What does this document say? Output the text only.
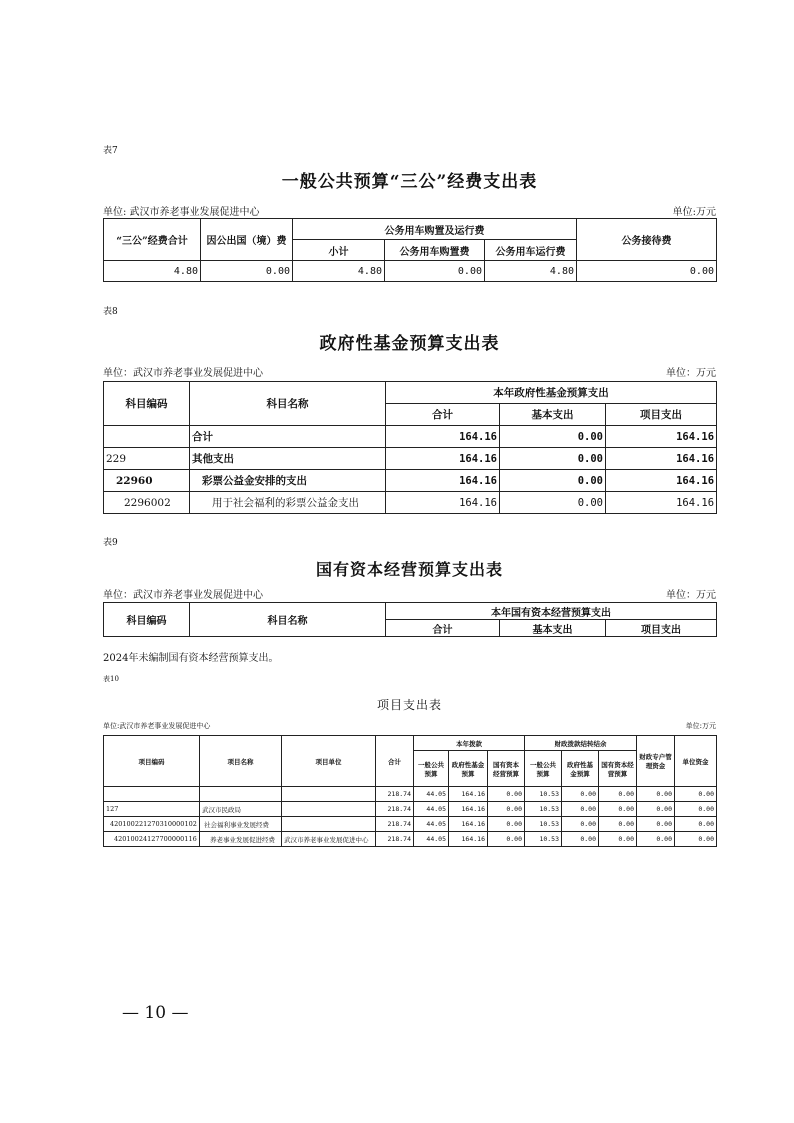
表7
一般公共预算“三公”经费支出表
单位: 武汉市养老事业发展促进中心	单位:万元
“三公”经费合计	因公出国（境）费	公务用车购置及运行费			公务接待费
		小计	公务用车购置费	公务用车运行费	
4.80	0.00	4.80	0.00	4.80	0.00
表8
政府性基金预算支出表
单位：武汉市养老事业发展促进中心	单位：万元
科目编码	科目名称	本年政府性基金预算支出		
		合计	基本支出	项目支出
	合计	164.16	0.00	164.16
229	其他支出	164.16	0.00	164.16
22960	彩票公益金安排的支出	164.16	0.00	164.16
2296002	用于社会福利的彩票公益金支出	164.16	0.00	164.16
表9
国有资本经营预算支出表
单位：武汉市养老事业发展促进中心	单位：万元
科目编码	科目名称	本年国有资本经营预算支出		
		合计	基本支出	项目支出
2024年未编制国有资本经营预算支出。
表10
项目支出表
单位:武汉市养老事业发展促进中心	单位:万元
项目编码	项目名称	项目单位	合计	本年拨款			财政拨款结转结余			财政专户管理资金	单位资金
				一般公共预算	政府性基金预算	国有资本经营预算	一般公共预算	政府性基金预算	国有资本经营预算		
			218.74	44.05	164.16	0.00	10.53	0.00	0.00	0.00	0.00
127	武汉市民政局		218.74	44.05	164.16	0.00	10.53	0.00	0.00	0.00	0.00
42010022127031000010​2	社会福利事业发展经费		218.74	44.05	164.16	0.00	10.53	0.00	0.00	0.00	0.00
4201002412770000​0116	养老事业发展促进经费	武汉市养老事业发展促进中心	218.74	44.05	164.16	0.00	10.53	0.00	0.00	0.00	0.00
— 10 —
